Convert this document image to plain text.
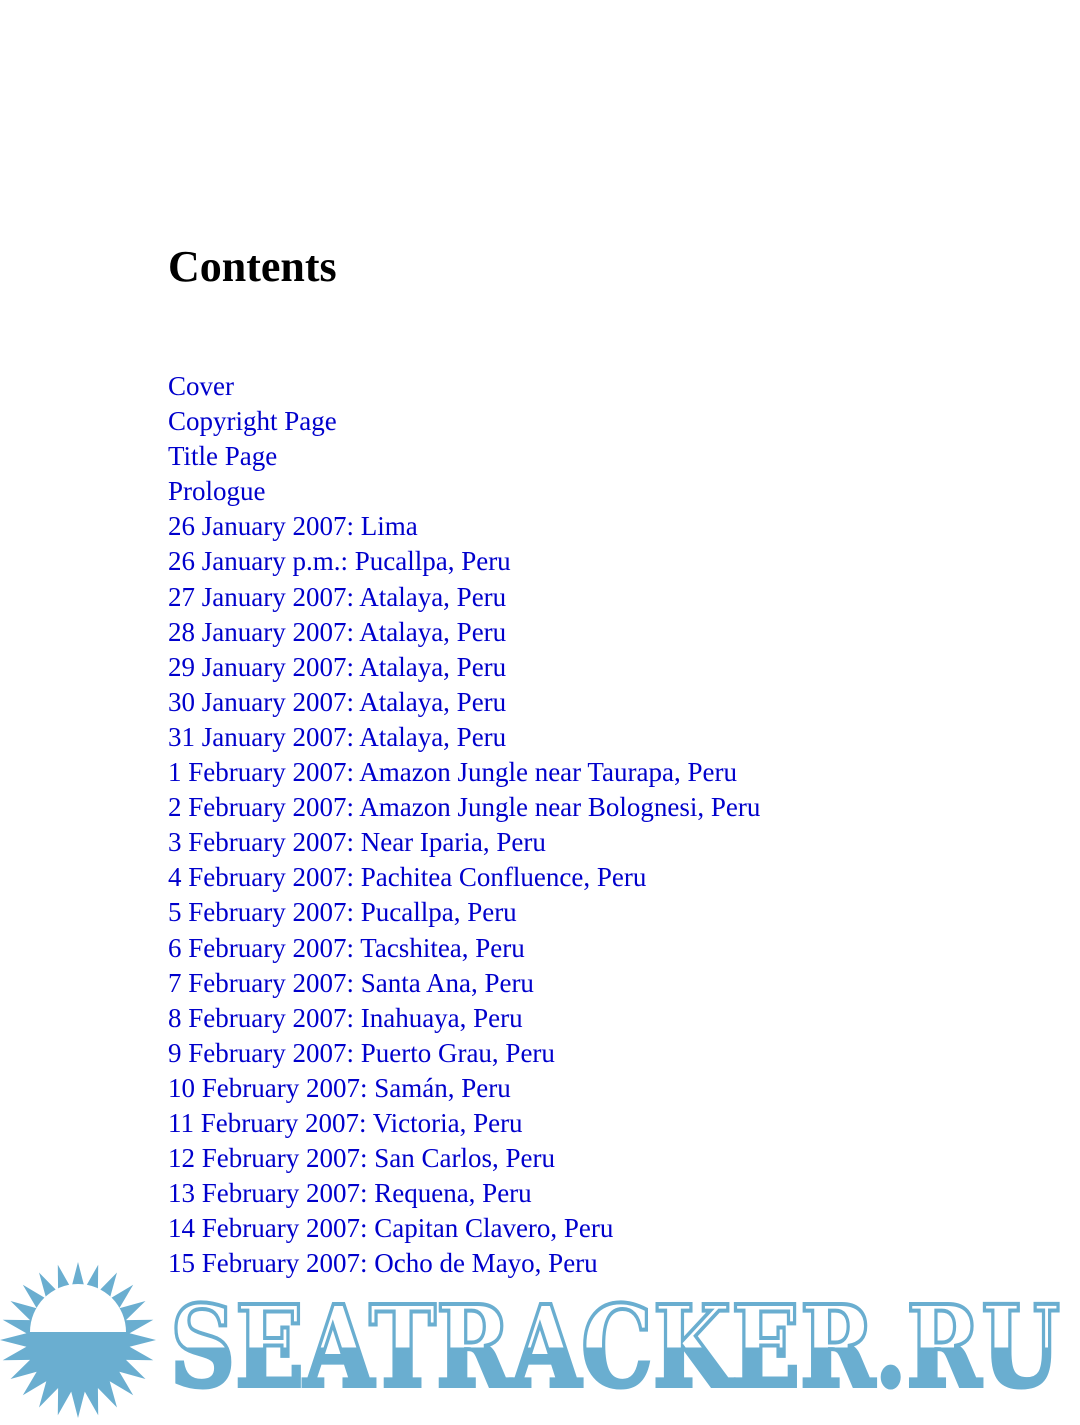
Contents
Cover
Copyright Page
Title Page
Prologue
26 January 2007: Lima
26 January p.m.: Pucallpa, Peru
27 January 2007: Atalaya, Peru
28 January 2007: Atalaya, Peru
29 January 2007: Atalaya, Peru
30 January 2007: Atalaya, Peru
31 January 2007: Atalaya, Peru
1 February 2007: Amazon Jungle near Taurapa, Peru
2 February 2007: Amazon Jungle near Bolognesi, Peru
3 February 2007: Near Iparia, Peru
4 February 2007: Pachitea Confluence, Peru
5 February 2007: Pucallpa, Peru
6 February 2007: Tacshitea, Peru
7 February 2007: Santa Ana, Peru
8 February 2007: Inahuaya, Peru
9 February 2007: Puerto Grau, Peru
10 February 2007: Samán, Peru
11 February 2007: Victoria, Peru
12 February 2007: San Carlos, Peru
13 February 2007: Requena, Peru
14 February 2007: Capitan Clavero, Peru
15 February 2007: Ocho de Mayo, Peru
SEATRACKER.RU
